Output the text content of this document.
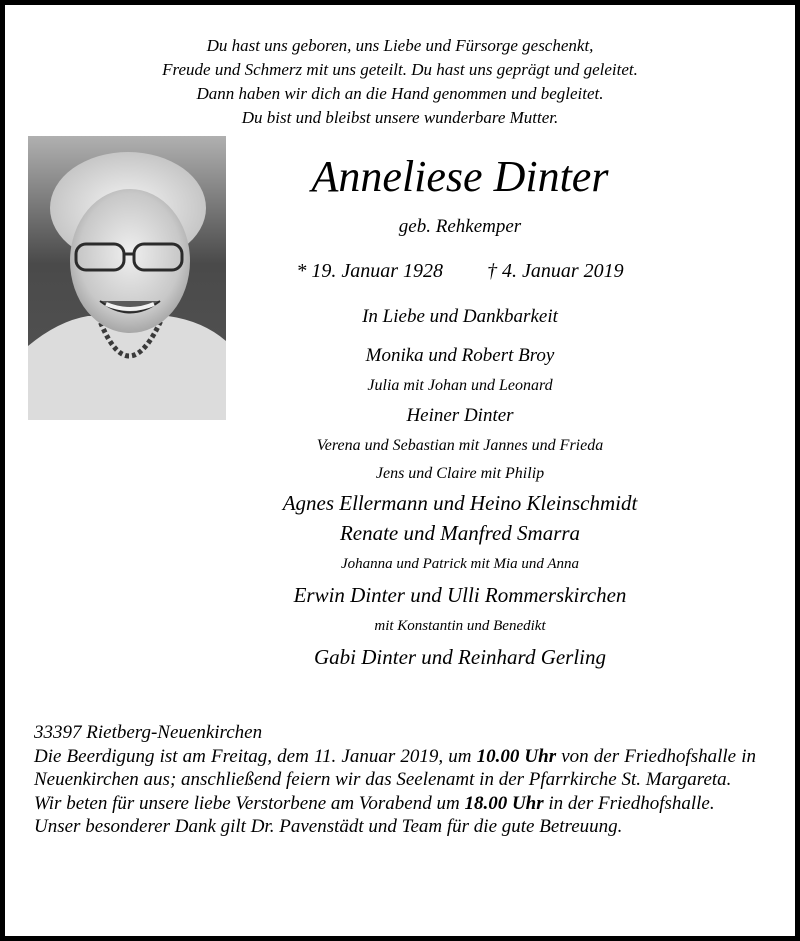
Du hast uns geboren, uns Liebe und Fürsorge geschenkt,
Freude und Schmerz mit uns geteilt. Du hast uns geprägt und geleitet.
Dann haben wir dich an die Hand genommen und begleitet.
Du bist und bleibst unsere wunderbare Mutter.
Anneliese Dinter
geb. Rehkemper
* 19. Januar 1928 † 4. Januar 2019
In Liebe und Dankbarkeit
Monika und Robert Broy
Julia mit Johan und Leonard
Heiner Dinter
Verena und Sebastian mit Jannes und Frieda
Jens und Claire mit Philip
Agnes Ellermann und Heino Kleinschmidt
Renate und Manfred Smarra
Johanna und Patrick mit Mia und Anna
Erwin Dinter und Ulli Rommerskirchen
mit Konstantin und Benedikt
Gabi Dinter und Reinhard Gerling

33397 Rietberg-Neuenkirchen

Die Beerdigung ist am Freitag, dem 11. Januar 2019, um 10.00 Uhr von der Friedhofshalle in Neuenkirchen aus; anschließend feiern wir das Seelenamt in der Pfarrkirche St. Margareta.

Wir beten für unsere liebe Verstorbene am Vorabend um 18.00 Uhr in der Friedhofshalle.

Unser besonderer Dank gilt Dr. Pavenstädt und Team für die gute Betreuung.
